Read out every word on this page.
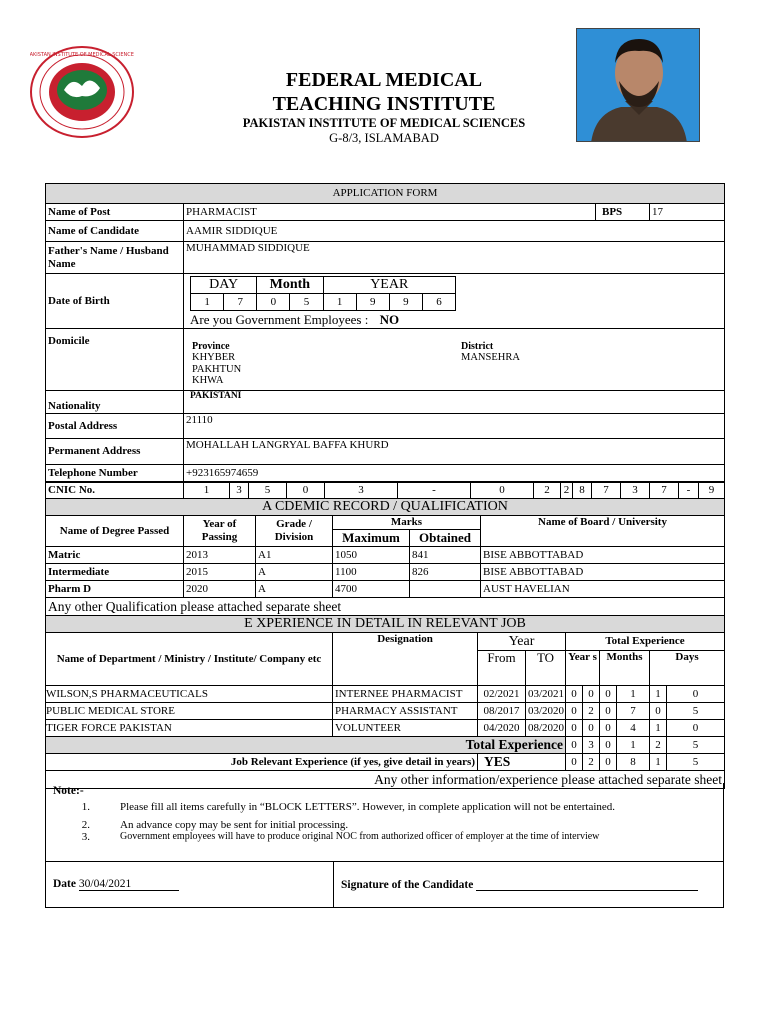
PAKISTAN INSTITUTE OF MEDICAL SCIENCES
FEDERAL MEDICAL
TEACHING INSTITUTE
PAKISTAN INSTITUTE OF MEDICAL SCIENCES
G-8/3, ISLAMABAD
APPLICATION FORM
Name of Post	PHARMACIST	BPS	17
Name of Candidate	AAMIR SIDDIQUE
Father's Name / Husband Name	MUHAMMAD SIDDIQUE
Date of Birth	
DAY	Month	YEAR
1	7	0	5	1	9	9	6
Are you Government Employees : NO

Domicile	Province
KHYBER PAKHTUN KHWA
District
MANSEHRA

Nationality	PAKISTANI
Postal Address	21110
Permanent Address	MOHALLAH LANGRYAL BAFFA KHURD
Telephone Number	+923165974659
CNIC No.	1	3	5	0	3	-	0	2	2	8	7	3	7	-	9
A CDEMIC RECORD / QUALIFICATION					
Name of Degree Passed	Year of Passing	Grade / Division	Marks		Name of Board / University
			Maximum	Obtained	
Matric	2013	A1	1050	841	BISE ABBOTTABAD
Intermediate	2015	A	1100	826	BISE ABBOTTABAD
Pharm D	2020	A	4700		AUST HAVELIAN
Any other Qualification please attached separate sheet					
E XPERIENCE IN DETAIL IN RELEVANT JOB									
Name of Department / Ministry / Institute/ Company etc	Designation	Year		Total Experience					
		From	TO	Year s		Months		Days	
WILSON,S PHARMACEUTICALS	INTERNEE PHARMACIST	02/2021	03/2021	0	0	0	1	1	0
PUBLIC MEDICAL STORE	PHARMACY ASSISTANT	08/2017	03/2020	0	2	0	7	0	5
TIGER FORCE PAKISTAN	VOLUNTEER	04/2020	08/2020	0	0	0	4	1	0
Total Experience				0	3	0	1	2	5
Job Relevant Experience (if yes, give detail in years)		YES		0	2	0	8	1	5
Any other information/experience please attached separate sheet									
Note:-
1.	Please fill all items carefully in “BLOCK LETTERS”. However, in complete application will not be entertained.
2.	An advance copy may be sent for initial processing.
3.	Government employees will have to produce original NOC from authorized officer of employer at the time of interview
Date 30/04/2021	Signature of the Candidate
